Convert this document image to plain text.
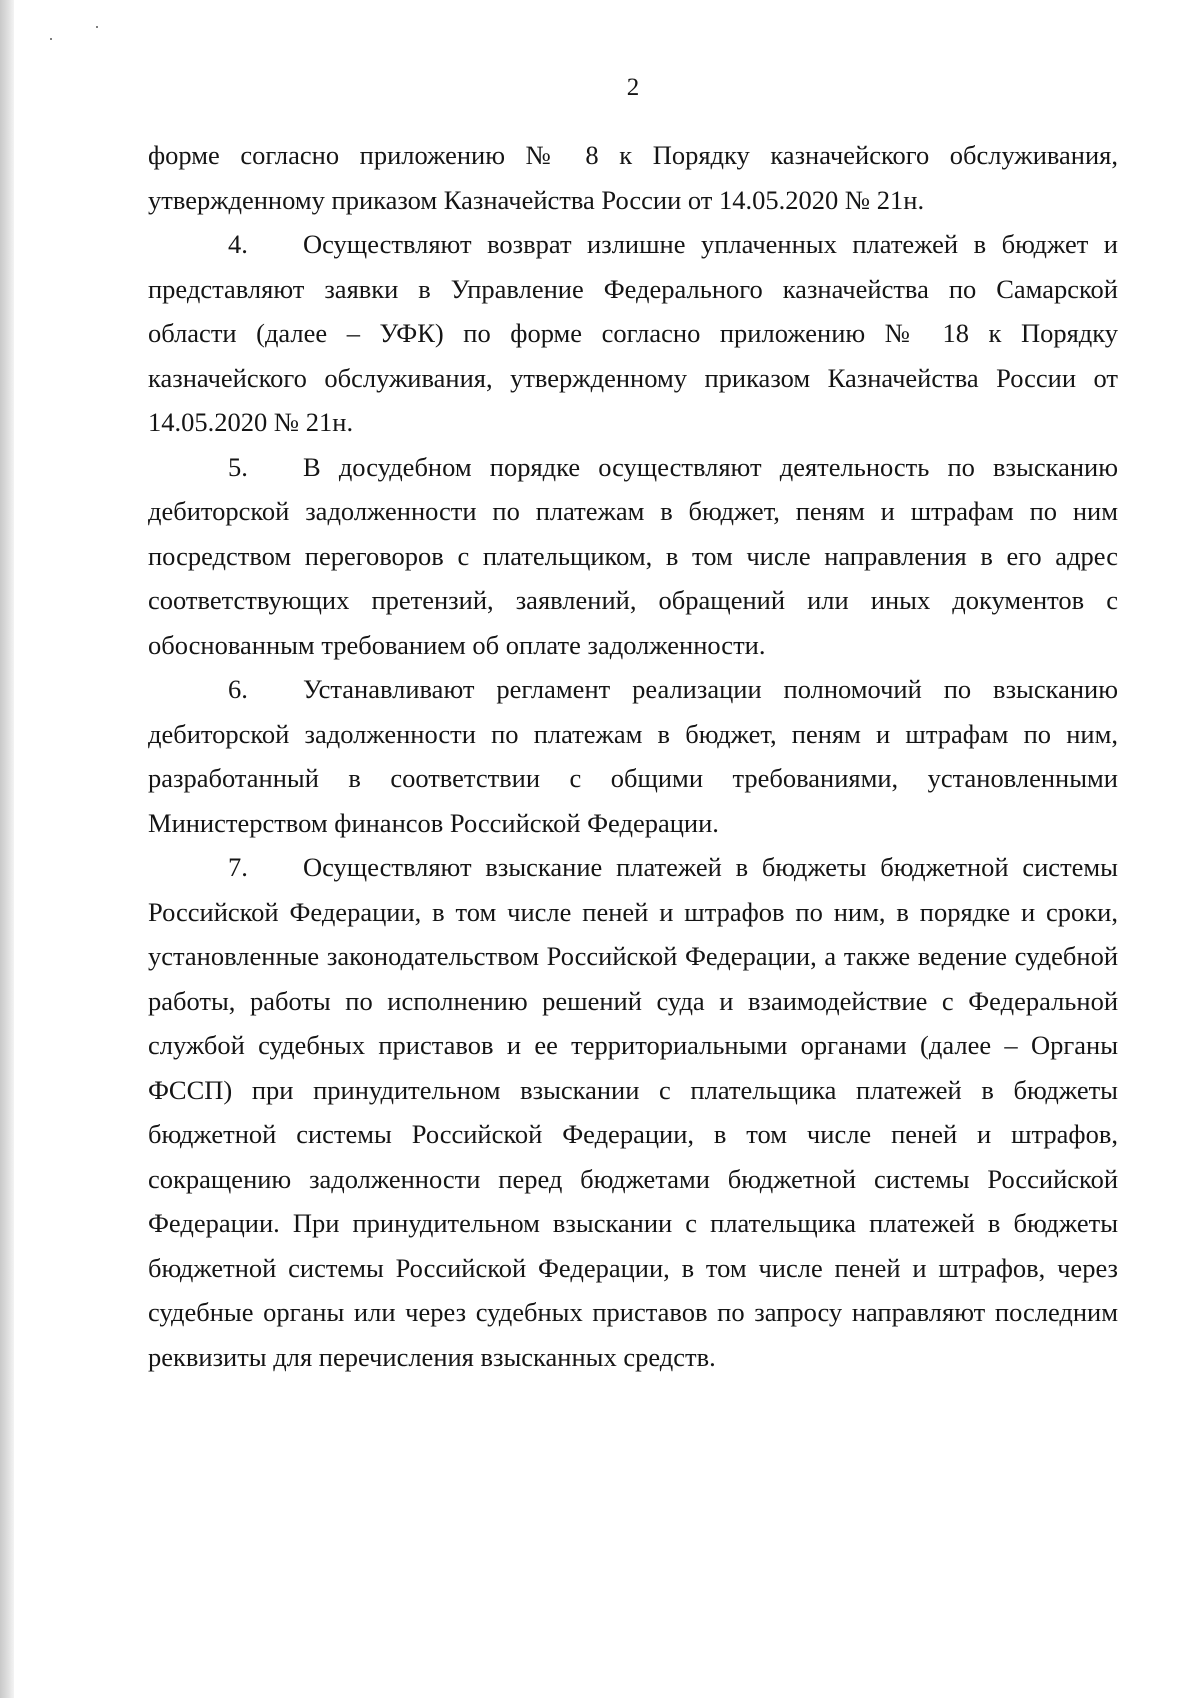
2

форме согласно приложению № 8 к Порядку казначейского обслуживания, утвержденному приказом Казначейства России от 14.05.2020 № 21н.

4. Осуществляют возврат излишне уплаченных платежей в бюджет и представляют заявки в Управление Федерального казначейства по Самарской области (далее – УФК) по форме согласно приложению № 18 к Порядку казначейского обслуживания, утвержденному приказом Казначейства России от 14.05.2020 № 21н.

5. В досудебном порядке осуществляют деятельность по взысканию дебиторской задолженности по платежам в бюджет, пеням и штрафам по ним посредством переговоров с плательщиком, в том числе направления в его адрес соответствующих претензий, заявлений, обращений или иных документов с обоснованным требованием об оплате задолженности.

6. Устанавливают регламент реализации полномочий по взысканию дебиторской задолженности по платежам в бюджет, пеням и штрафам по ним, разработанный в соответствии с общими требованиями, установленными Министерством финансов Российской Федерации.

7. Осуществляют взыскание платежей в бюджеты бюджетной системы Российской Федерации, в том числе пеней и штрафов по ним, в порядке и сроки, установленные законодательством Российской Федерации, а также ведение судебной работы, работы по исполнению решений суда и взаимодействие с Федеральной службой судебных приставов и ее территориальными органами (далее – Органы ФССП) при принудительном взыскании с плательщика платежей в бюджеты бюджетной системы Российской Федерации, в том числе пеней и штрафов, сокращению задолженности перед бюджетами бюджетной системы Российской Федерации. При принудительном взыскании с плательщика платежей в бюджеты бюджетной системы Российской Федерации, в том числе пеней и штрафов, через судебные органы или через судебных приставов по запросу направляют последним реквизиты для перечисления взысканных средств.
